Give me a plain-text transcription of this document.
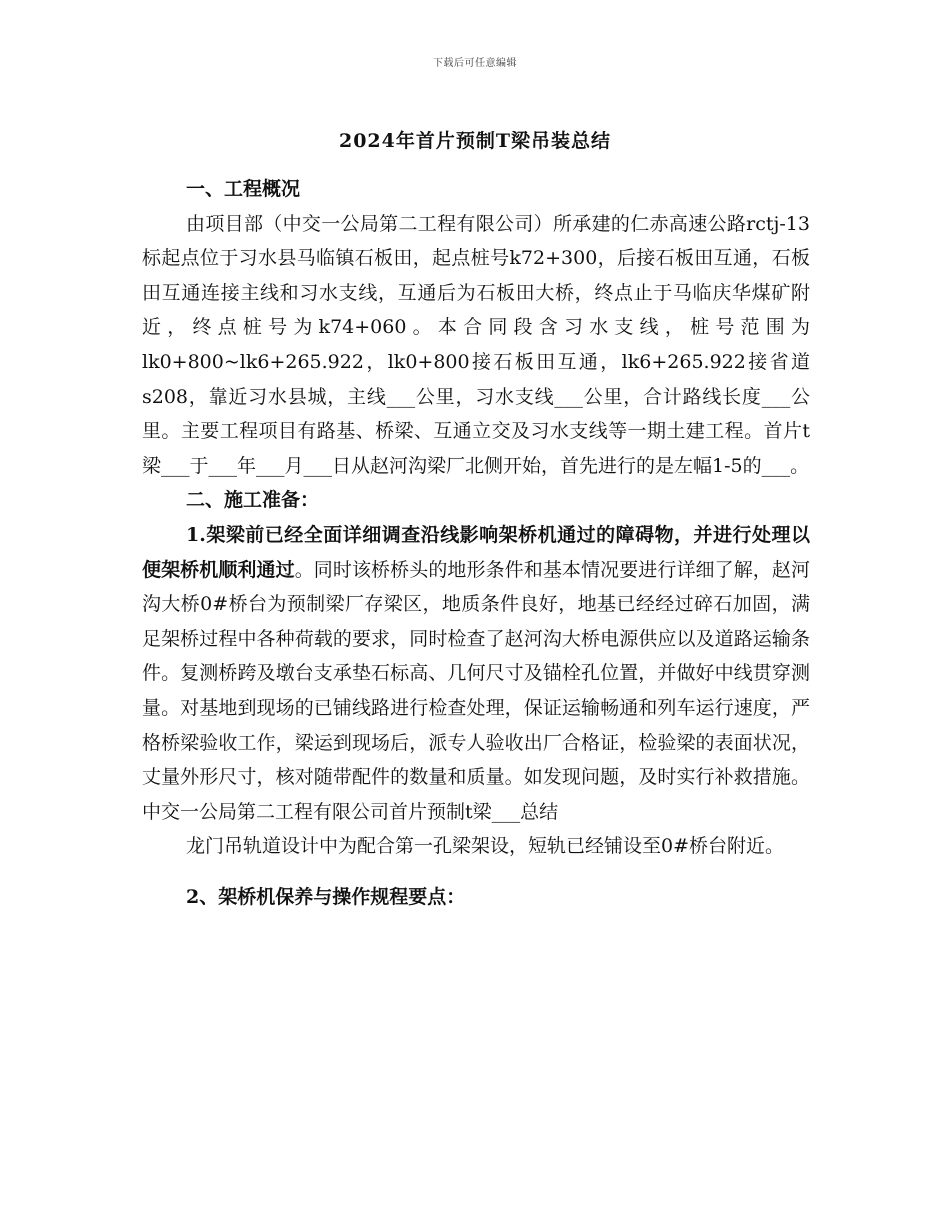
下载后可任意编辑
2024年首片预制T梁吊装总结

一、工程概况

由项目部（中交一公局第二工程有限公司）所承建的仁赤高速公路rctj-13标起点位于习水县马临镇石板田，起点桩号k72+300，后接石板田互通，石板田互通连接主线和习水支线，互通后为石板田大桥，终点止于马临庆华煤矿附近，终点桩号为k74+060。本合同段含习水支线，桩号范围为lk0+800~lk6+265.922，lk0+800接石板田互通，lk6+265.922接省道s208，靠近习水县城，主线___公里，习水支线___公里，合计路线长度___公里。主要工程项目有路基、桥梁、互通立交及习水支线等一期土建工程。首片t梁___于___年___月___日从赵河沟梁厂北侧开始，首先进行的是左幅1-5的___。

二、施工准备：

1.架梁前已经全面详细调查沿线影响架桥机通过的障碍物，并进行处理以便架桥机顺利通过。同时该桥桥头的地形条件和基本情况要进行详细了解，赵河沟大桥0#桥台为预制梁厂存梁区，地质条件良好，地基已经经过碎石加固，满足架桥过程中各种荷载的要求，同时检查了赵河沟大桥电源供应以及道路运输条件。复测桥跨及墩台支承垫石标高、几何尺寸及锚栓孔位置，并做好中线贯穿测量。对基地到现场的已铺线路进行检查处理，保证运输畅通和列车运行速度，严格桥梁验收工作，梁运到现场后，派专人验收出厂合格证，检验梁的表面状况，丈量外形尺寸，核对随带配件的数量和质量。如发现问题，及时实行补救措施。中交一公局第二工程有限公司首片预制t梁___总结

龙门吊轨道设计中为配合第一孔梁架设，短轨已经铺设至0#桥台附近。

2、架桥机保养与操作规程要点：
